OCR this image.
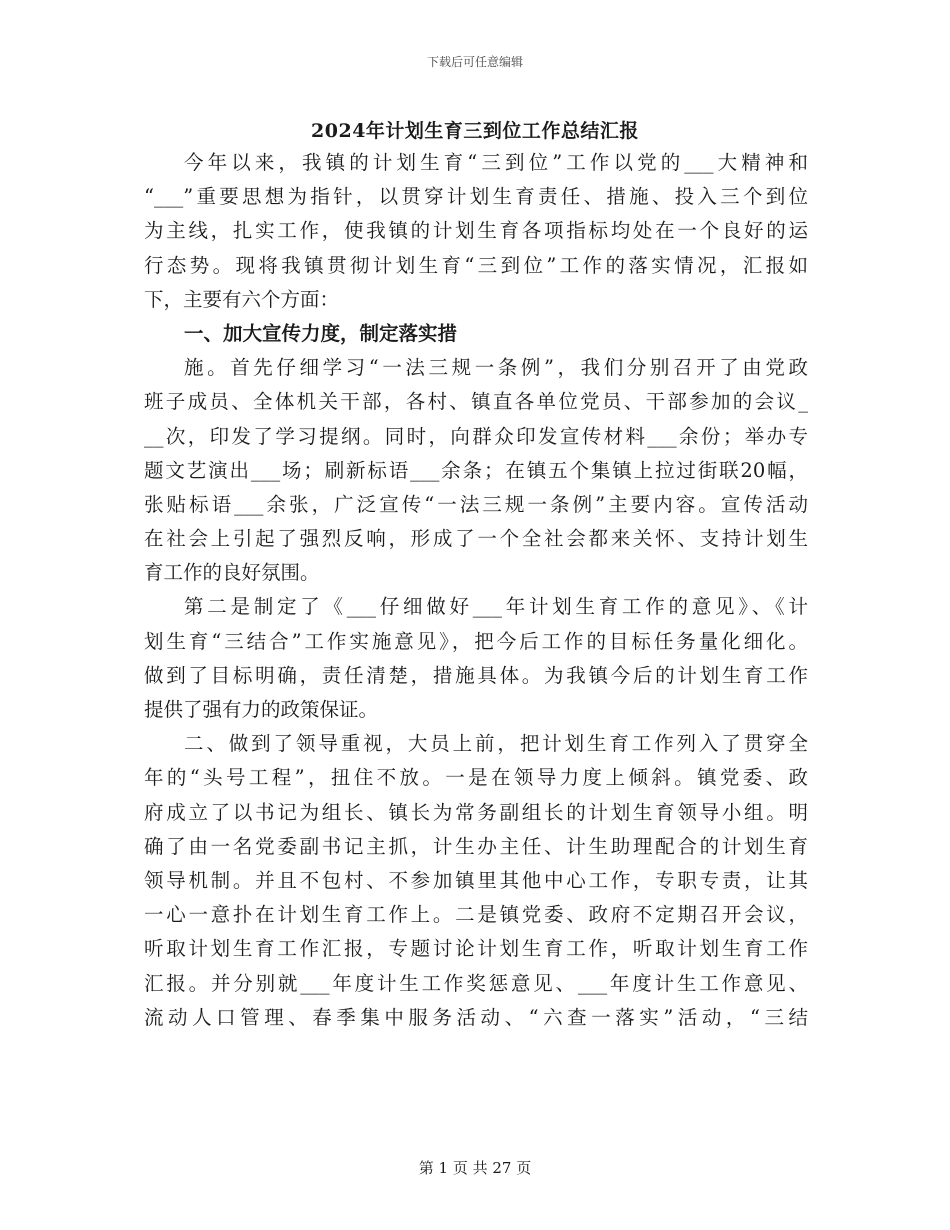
下载后可任意编辑
2024年计划生育三到位工作总结汇报
今年以来，我镇的计划生育“三到位”工作以党的___大精神和
“___”重要思想为指针，以贯穿计划生育责任、措施、投入三个到位
为主线，扎实工作，使我镇的计划生育各项指标均处在一个良好的运
行态势。现将我镇贯彻计划生育“三到位”工作的落实情况，汇报如
下，主要有六个方面：
一、加大宣传力度，制定落实措
施。首先仔细学习“一法三规一条例”，我们分别召开了由党政
班子成员、全体机关干部，各村、镇直各单位党员、干部参加的会议_
__次，印发了学习提纲。同时，向群众印发宣传材料___余份；举办专
题文艺演出___场；刷新标语___余条；在镇五个集镇上拉过街联20幅，
张贴标语___余张，广泛宣传“一法三规一条例”主要内容。宣传活动
在社会上引起了强烈反响，形成了一个全社会都来关怀、支持计划生
育工作的良好氛围。
第二是制定了《___仔细做好___年计划生育工作的意见》、《计
划生育“三结合”工作实施意见》，把今后工作的目标任务量化细化。
做到了目标明确，责任清楚，措施具体。为我镇今后的计划生育工作
提供了强有力的政策保证。
二、做到了领导重视，大员上前，把计划生育工作列入了贯穿全
年的“头号工程”，扭住不放。一是在领导力度上倾斜。镇党委、政
府成立了以书记为组长、镇长为常务副组长的计划生育领导小组。明
确了由一名党委副书记主抓，计生办主任、计生助理配合的计划生育
领导机制。并且不包村、不参加镇里其他中心工作，专职专责，让其
一心一意扑在计划生育工作上。二是镇党委、政府不定期召开会议，
听取计划生育工作汇报，专题讨论计划生育工作，听取计划生育工作
汇报。并分别就___年度计生工作奖惩意见、___年度计生工作意见、
流动人口管理、春季集中服务活动、“六查一落实”活动，“三结
第 1 页 共 27 页
